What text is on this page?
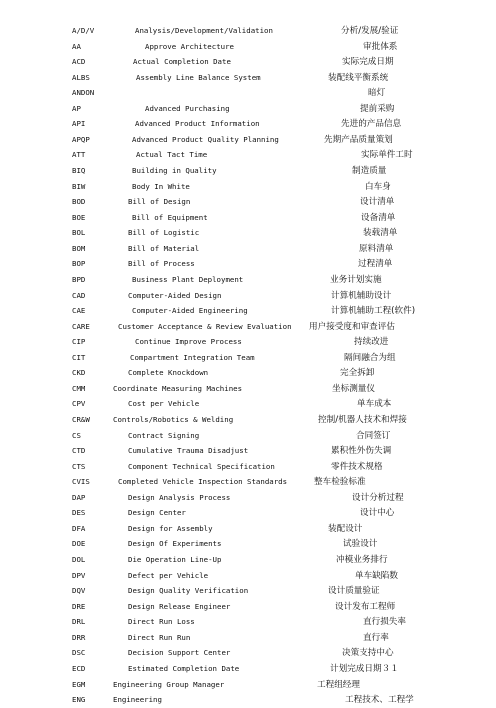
A/D/V	Analysis/Development/Validation	分析/发展/验证
AA	Approve Architecture	审批体系
ACD	Actual Completion Date	实际完成日期
ALBS	Assembly Line Balance System	装配线平衡系统
ANDON	暗灯
AP	Advanced Purchasing	提前采购
API	Advanced Product Information	先进的产品信息
APQP	Advanced Product Quality Planning	先期产品质量策划
ATT	Actual Tact Time	实际单件工时
BIQ	Building in Quality	制造质量
BIW	Body In White	白车身
BOD	Bill of Design	设计清单
BOE	Bill of Equipment	设备清单
BOL	Bill of Logistic	装载清单
BOM	Bill of Material	原料清单
BOP	Bill of Process	过程清单
BPD	Business Plant Deployment	业务计划实施
CAD	Computer-Aided Design	计算机辅助设计
CAE	Computer-Aided Engineering	计算机辅助工程(软件)
CARE	Customer Acceptance & Review Evaluation 用户接受度和审查评估
CIP	Continue Improve Process	持续改进
CIT	Compartment Integration Team	隔间融合为组
CKD	Complete Knockdown	完全拆卸
CMM	Coordinate Measuring Machines	坐标测量仪
CPV	Cost per Vehicle	单车成本
CR&W	Controls/Robotics & Welding	控制/机器人技术和焊接
CS	Contract Signing	合同签订
CTD	Cumulative Trauma Disadjust	累积性外伤失调
CTS	Component Technical Specification	零件技术规格
CVIS	Completed Vehicle Inspection Standards	整车检验标准
DAP	Design Analysis Process	设计分析过程
DES	Design Center	设计中心
DFA	Design for Assembly	装配设计
DOE	Design Of Experiments	试验设计
DOL	Die Operation Line-Up	冲模业务排行
DPV	Defect per Vehicle	单车缺陷数
DQV	Design Quality Verification	设计质量验证
DRE	Design Release Engineer	设计发布工程师
DRL	Direct Run Loss	直行损失率
DRR	Direct Run Run	直行率
DSC	Decision Support Center	决策支持中心
ECD	Estimated Completion Date	计划完成日期３１
EGM	Engineering Group Manager	工程组经理
ENG	Engineering	工程技术、工程学
